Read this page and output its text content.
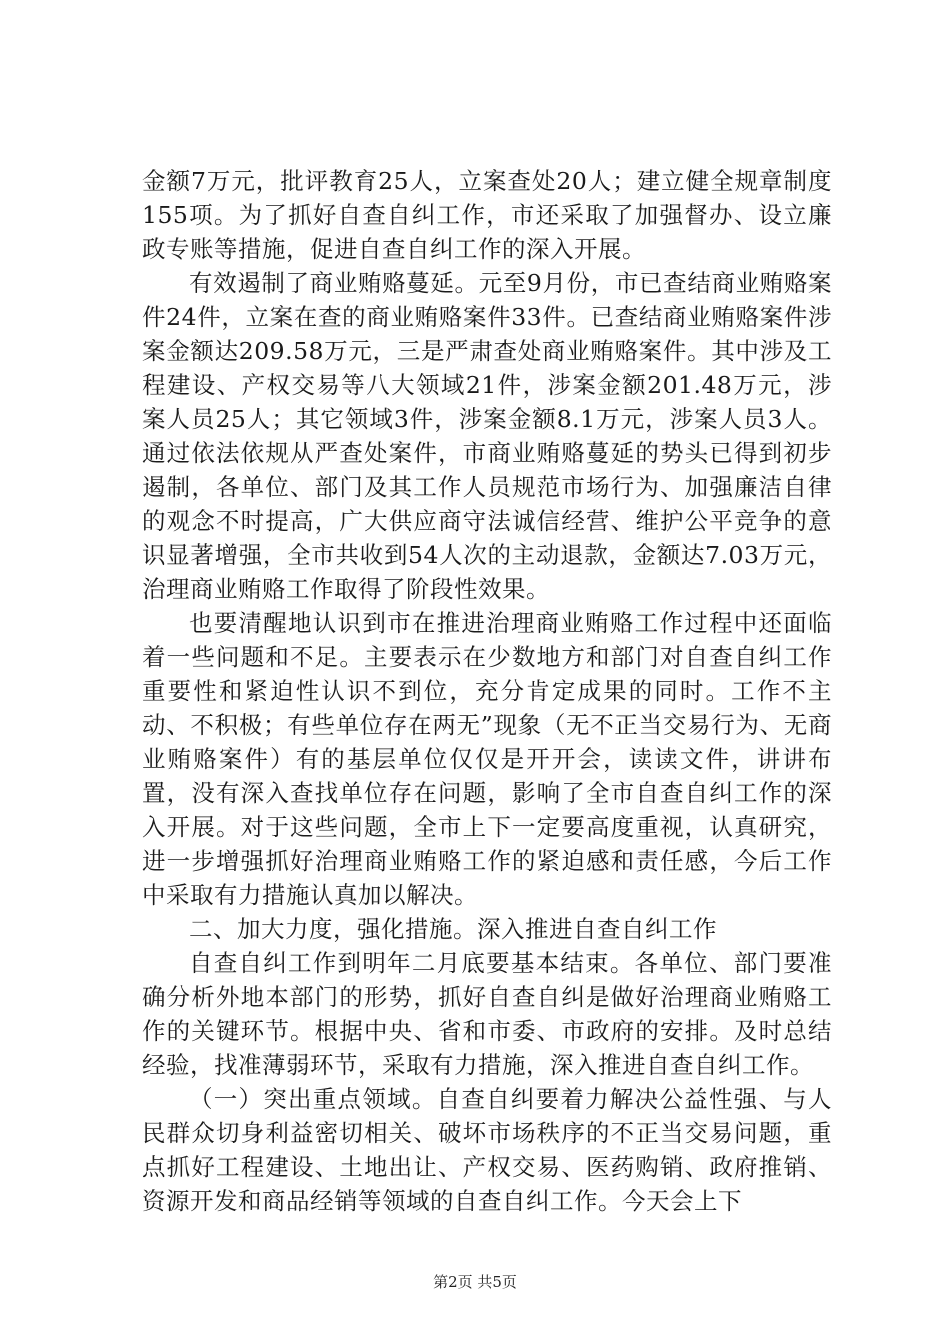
金额7万元，批评教育25人，立案查处20人；建立健全规章制度155项。为了抓好自查自纠工作，市还采取了加强督办、设立廉政专账等措施，促进自查自纠工作的深入开展。

有效遏制了商业贿赂蔓延。元至9月份，市已查结商业贿赂案件24件，立案在查的商业贿赂案件33件。已查结商业贿赂案件涉案金额达209.58万元，三是严肃查处商业贿赂案件。其中涉及工程建设、产权交易等八大领域21件，涉案金额201.48万元，涉案人员25人；其它领域3件，涉案金额8.1万元，涉案人员3人。通过依法依规从严查处案件，市商业贿赂蔓延的势头已得到初步遏制，各单位、部门及其工作人员规范市场行为、加强廉洁自律的观念不时提高，广大供应商守法诚信经营、维护公平竞争的意识显著增强，全市共收到54人次的主动退款，金额达7.03万元，治理商业贿赂工作取得了阶段性效果。

也要清醒地认识到市在推进治理商业贿赂工作过程中还面临着一些问题和不足。主要表示在少数地方和部门对自查自纠工作重要性和紧迫性认识不到位，充分肯定成果的同时。工作不主动、不积极；有些单位存在两无”现象（无不正当交易行为、无商业贿赂案件）有的基层单位仅仅是开开会，读读文件，讲讲布置，没有深入查找单位存在问题，影响了全市自查自纠工作的深入开展。对于这些问题，全市上下一定要高度重视，认真研究，进一步增强抓好治理商业贿赂工作的紧迫感和责任感，今后工作中采取有力措施认真加以解决。

二、加大力度，强化措施。深入推进自查自纠工作

自查自纠工作到明年二月底要基本结束。各单位、部门要准确分析外地本部门的形势，抓好自查自纠是做好治理商业贿赂工作的关键环节。根据中央、省和市委、市政府的安排。及时总结经验，找准薄弱环节，采取有力措施，深入推进自查自纠工作。

（一）突出重点领域。自查自纠要着力解决公益性强、与人民群众切身利益密切相关、破坏市场秩序的不正当交易问题，重点抓好工程建设、土地出让、产权交易、医药购销、政府推销、资源开发和商品经销等领域的自查自纠工作。今天会上下

第2页 共5页
